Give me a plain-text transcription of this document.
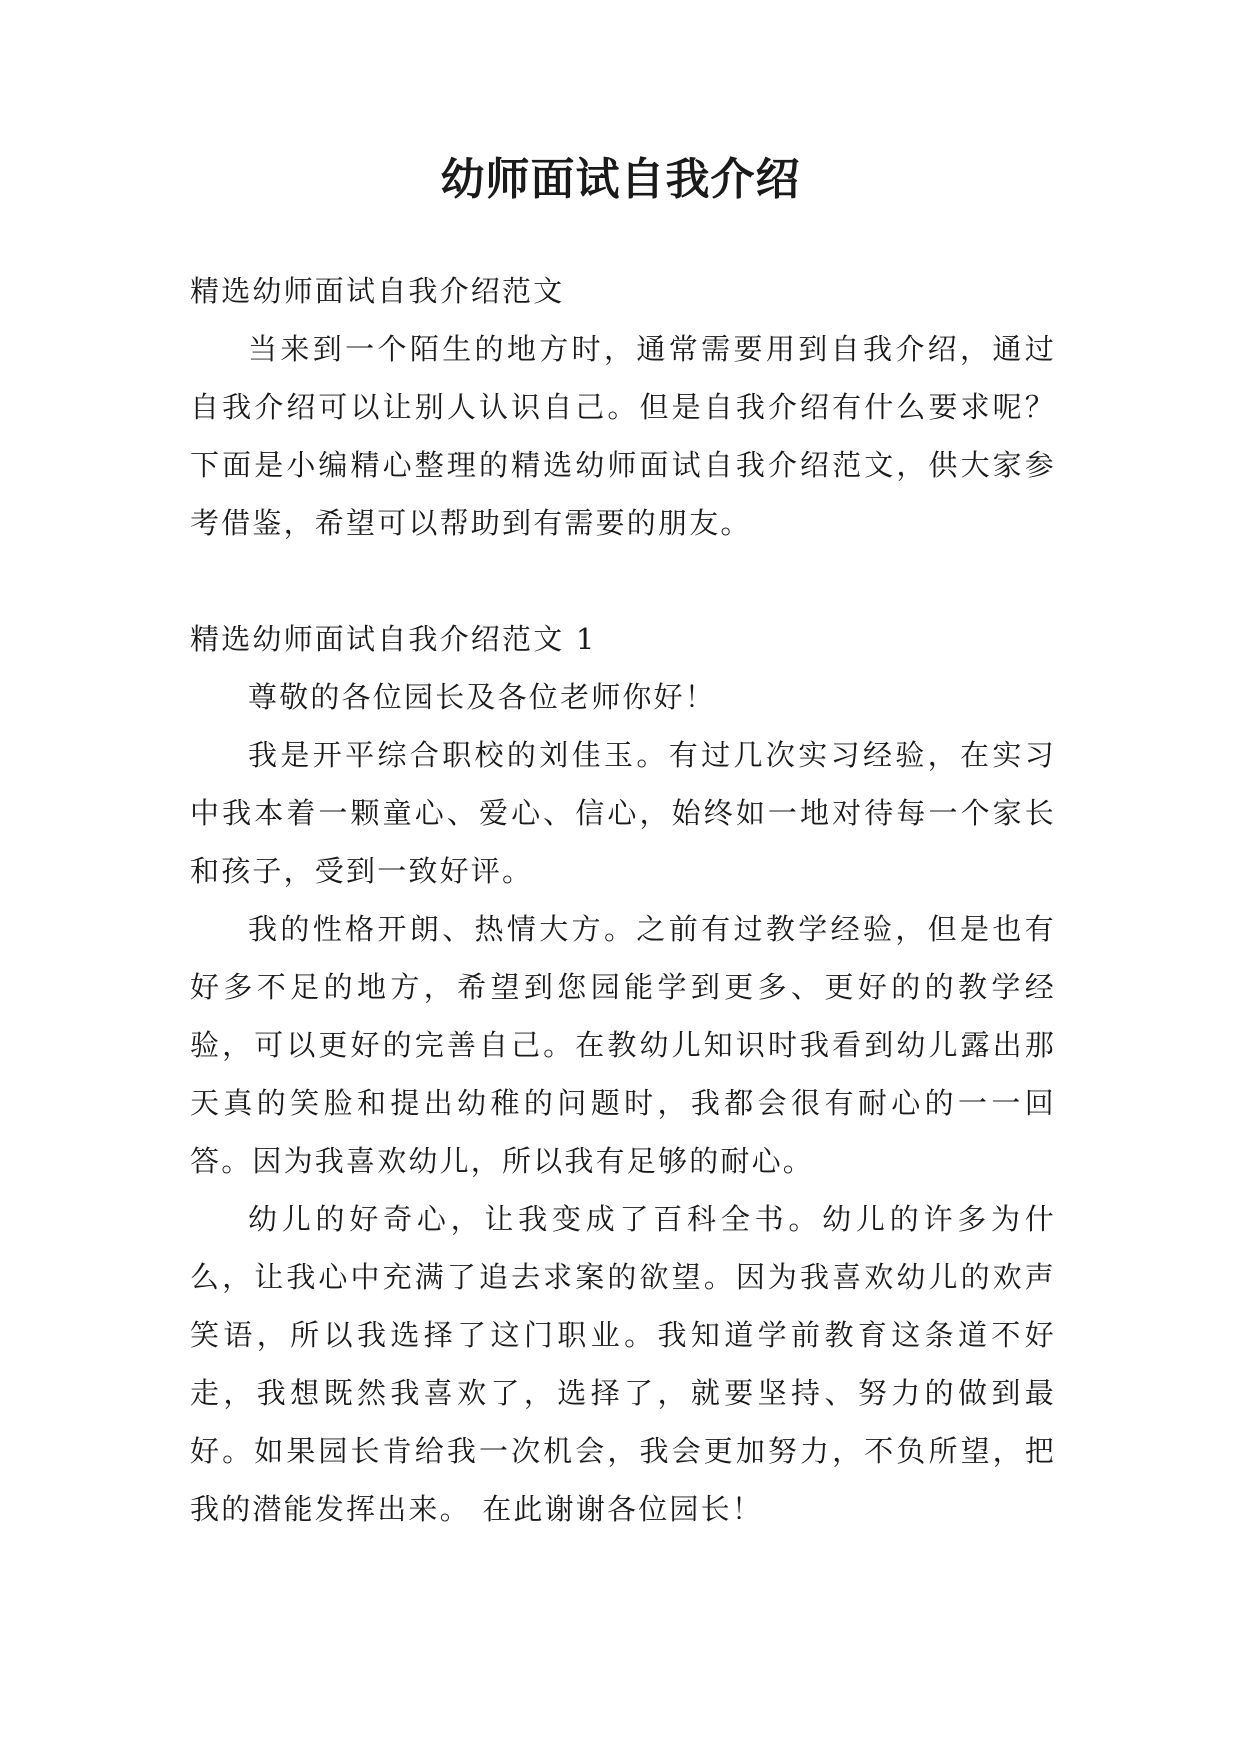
幼师面试自我介绍

精选幼师面试自我介绍范文

当来到一个陌生的地方时，通常需要用到自我介绍，通过自我介绍可以让别人认识自己。但是自我介绍有什么要求呢？下面是小编精心整理的精选幼师面试自我介绍范文，供大家参考借鉴，希望可以帮助到有需要的朋友。

精选幼师面试自我介绍范文 1

尊敬的各位园长及各位老师你好！

我是开平综合职校的刘佳玉。有过几次实习经验，在实习中我本着一颗童心、爱心、信心，始终如一地对待每一个家长和孩子，受到一致好评。

我的性格开朗、热情大方。之前有过教学经验，但是也有好多不足的地方，希望到您园能学到更多、更好的的教学经验，可以更好的完善自己。在教幼儿知识时我看到幼儿露出那天真的笑脸和提出幼稚的问题时，我都会很有耐心的一一回答。因为我喜欢幼儿，所以我有足够的耐心。

幼儿的好奇心，让我变成了百科全书。幼儿的许多为什么，让我心中充满了追去求案的欲望。因为我喜欢幼儿的欢声笑语，所以我选择了这门职业。我知道学前教育这条道不好走，我想既然我喜欢了，选择了，就要坚持、努力的做到最好。如果园长肯给我一次机会，我会更加努力，不负所望，把我的潜能发挥出来。 在此谢谢各位园长！
